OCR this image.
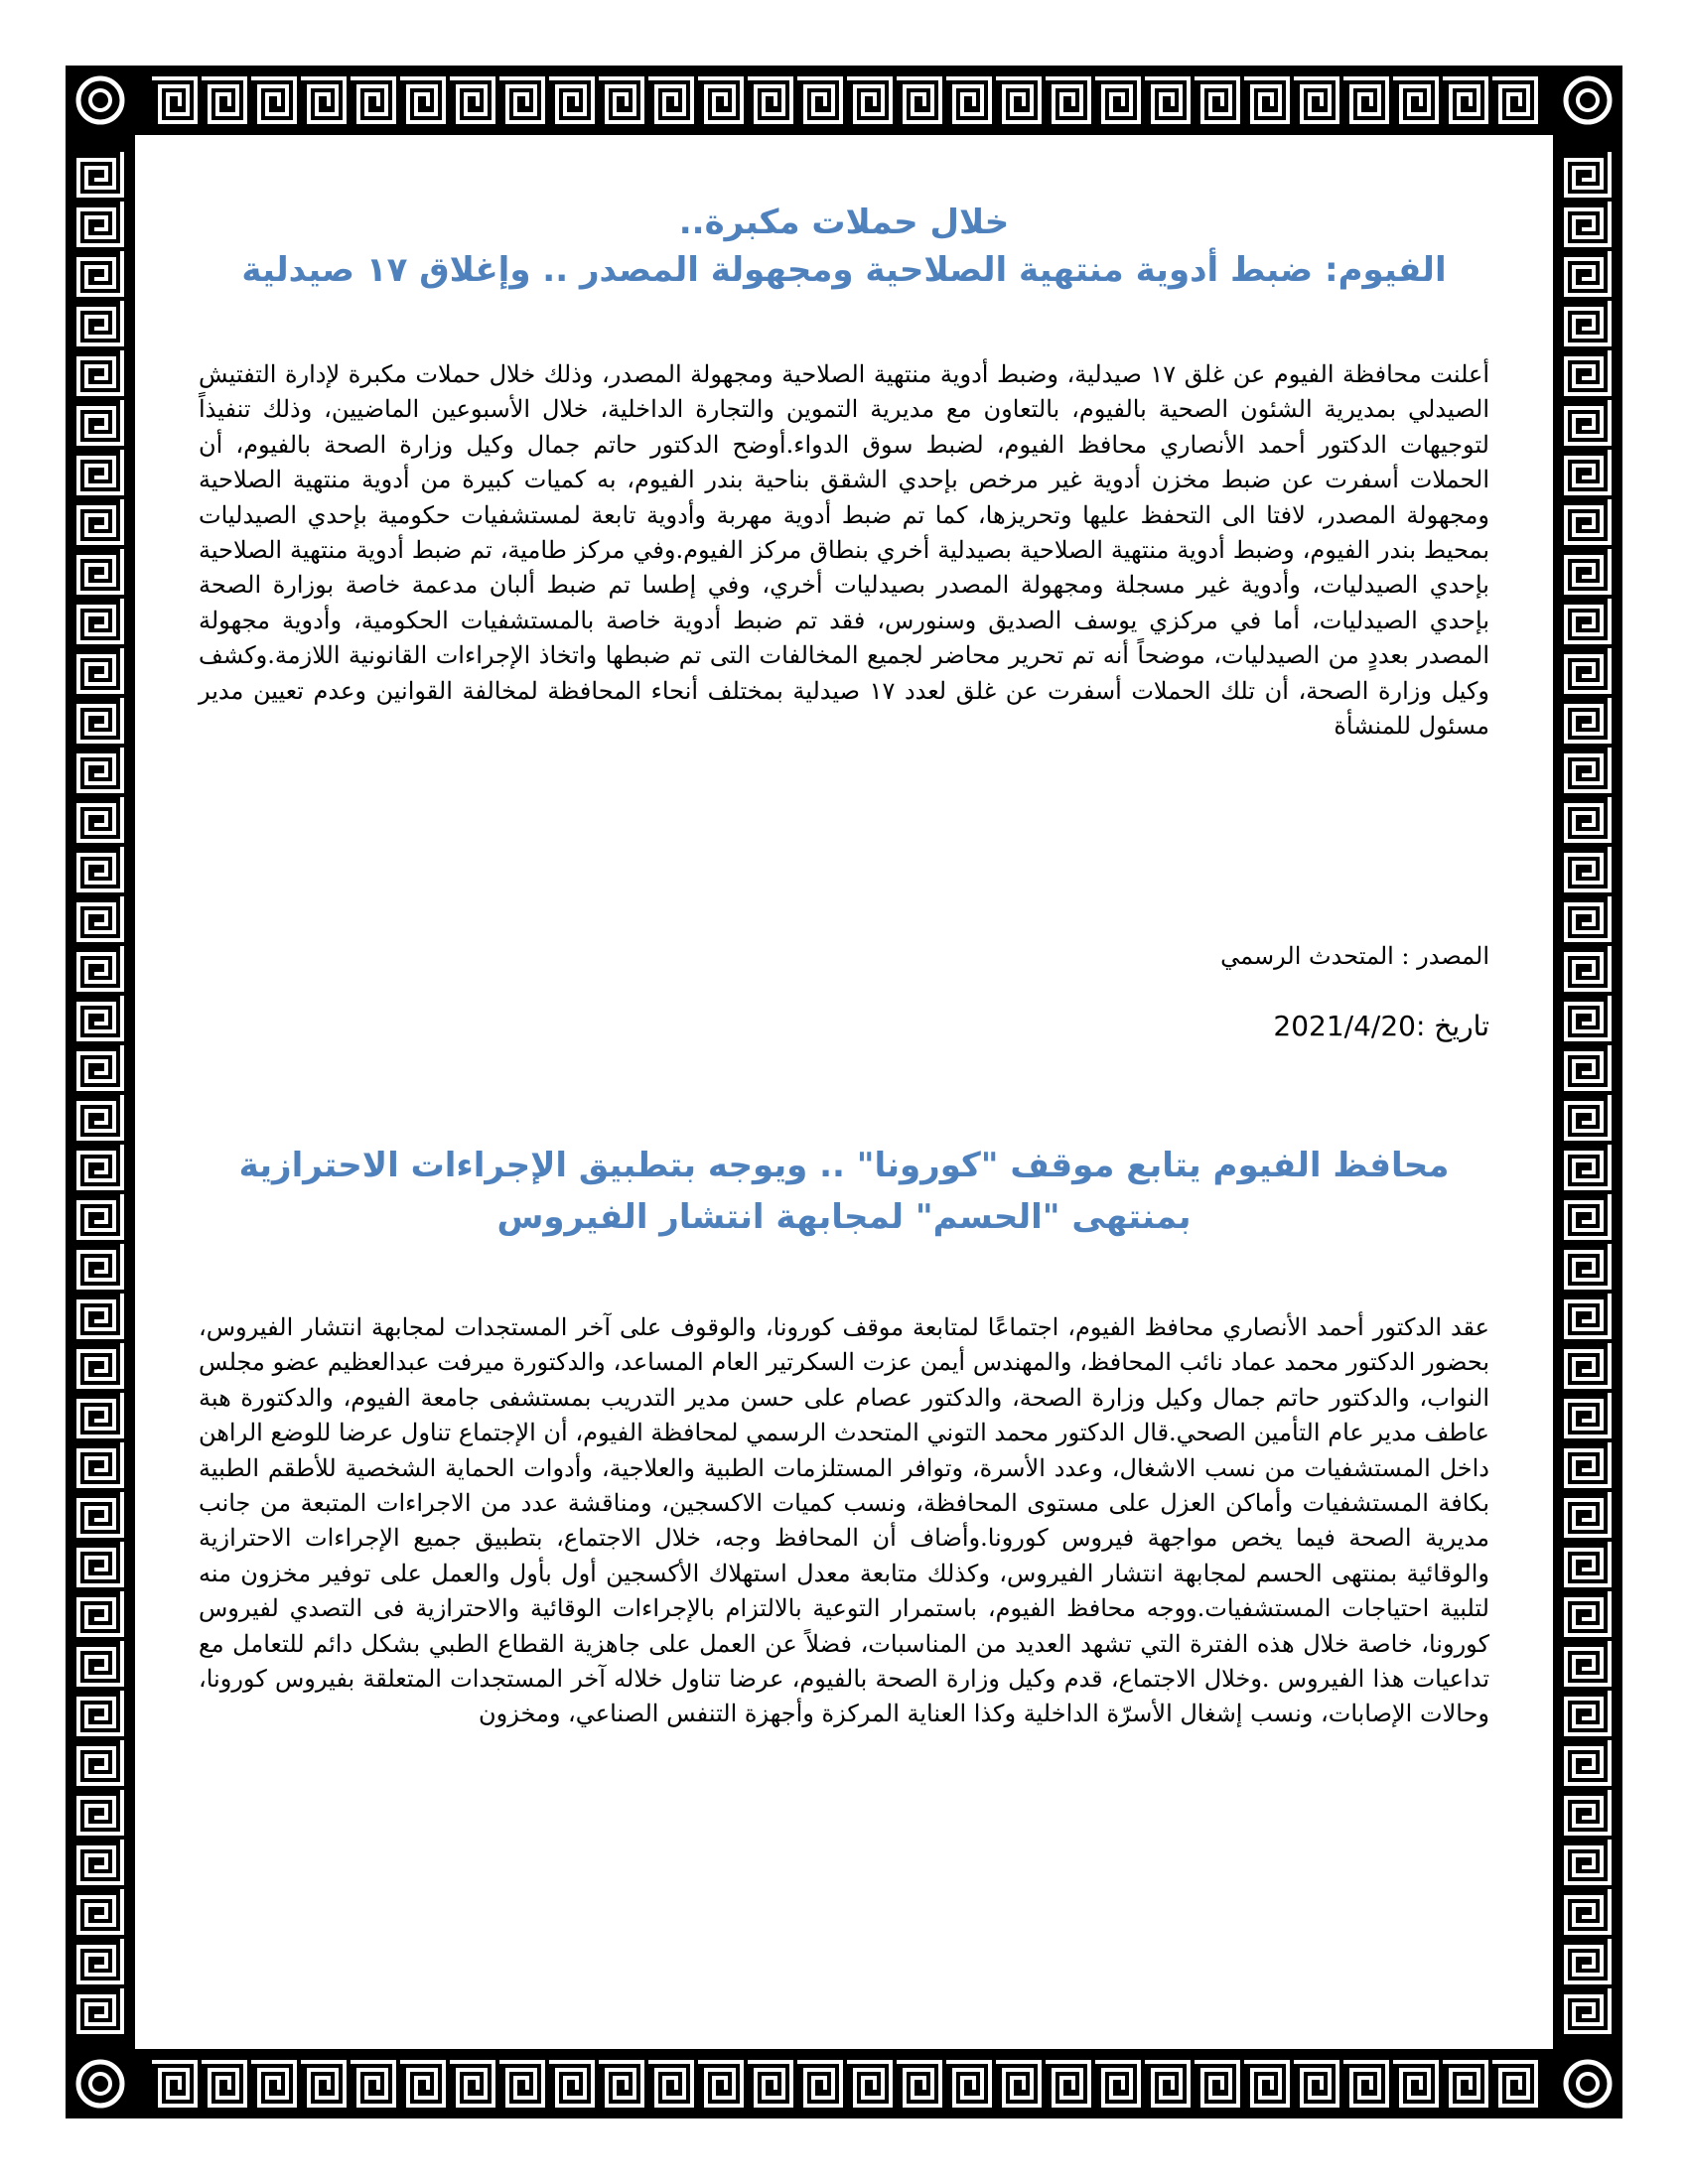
خلال حملات مكبرة..
الفيوم: ضبط أدوية منتهية الصلاحية ومجهولة المصدر .. وإغلاق ١٧ صيدلية
أعلنت محافظة الفيوم عن غلق ١٧ صيدلية، وضبط أدوية منتهية الصلاحية ومجهولة المصدر، وذلك خلال حملات مكبرة لإدارة التفتيش الصيدلي بمديرية الشئون الصحية بالفيوم، بالتعاون مع مديرية التموين والتجارة الداخلية، خلال الأسبوعين الماضيين، وذلك تنفيذاً لتوجيهات الدكتور أحمد الأنصاري محافظ الفيوم، لضبط سوق الدواء.أوضح الدكتور حاتم جمال وكيل وزارة الصحة بالفيوم، أن الحملات أسفرت عن ضبط مخزن أدوية غير مرخص بإحدي الشقق بناحية بندر الفيوم، به كميات كبيرة من أدوية منتهية الصلاحية ومجهولة المصدر، لافتا الى التحفظ عليها وتحريزها، كما تم ضبط أدوية مهربة وأدوية تابعة لمستشفيات حكومية بإحدي الصيدليات بمحيط بندر الفيوم، وضبط أدوية منتهية الصلاحية بصيدلية أخري بنطاق مركز الفيوم.وفي مركز طامية، تم ضبط أدوية منتهية الصلاحية بإحدي الصيدليات، وأدوية غير مسجلة ومجهولة المصدر بصيدليات أخري، وفي إطسا تم ضبط ألبان مدعمة خاصة بوزارة الصحة بإحدي الصيدليات، أما في مركزي يوسف الصديق وسنورس، فقد تم ضبط أدوية خاصة بالمستشفيات الحكومية، وأدوية مجهولة المصدر بعددٍ من الصيدليات، موضحاً أنه تم تحرير محاضر لجميع المخالفات التى تم ضبطها واتخاذ الإجراءات القانونية اللازمة.وكشف وكيل وزارة الصحة، أن تلك الحملات أسفرت عن غلق لعدد ١٧ صيدلية بمختلف أنحاء المحافظة لمخالفة القوانين وعدم تعيين مدير مسئول للمنشأة
المصدر : المتحدث الرسمي
تاريخ :2021/4/20
محافظ الفيوم يتابع موقف "كورونا" .. ويوجه بتطبيق الإجراءات الاحترازية
بمنتهى "الحسم" لمجابهة انتشار الفيروس
عقد الدكتور أحمد الأنصاري محافظ الفيوم، اجتماعًا لمتابعة موقف كورونا، والوقوف على آخر المستجدات لمجابهة انتشار الفيروس، بحضور الدكتور محمد عماد نائب المحافظ، والمهندس أيمن عزت السكرتير العام المساعد، والدكتورة ميرفت عبدالعظيم عضو مجلس النواب، والدكتور حاتم جمال وكيل وزارة الصحة، والدكتور عصام على حسن مدير التدريب بمستشفى جامعة الفيوم، والدكتورة هبة عاطف مدير عام التأمين الصحي.قال الدكتور محمد التوني المتحدث الرسمي لمحافظة الفيوم، أن الإجتماع تناول عرضا للوضع الراهن داخل المستشفيات من نسب الاشغال، وعدد الأسرة، وتوافر المستلزمات الطبية والعلاجية، وأدوات الحماية الشخصية للأطقم الطبية بكافة المستشفيات وأماكن العزل على مستوى المحافظة، ونسب كميات الاكسجين، ومناقشة عدد من الاجراءات المتبعة من جانب مديرية الصحة فيما يخص مواجهة فيروس كورونا.وأضاف أن المحافظ وجه، خلال الاجتماع، بتطبيق جميع الإجراءات الاحترازية والوقائية بمنتهى الحسم لمجابهة انتشار الفيروس، وكذلك متابعة معدل استهلاك الأكسجين أول بأول والعمل على توفير مخزون منه لتلبية احتياجات المستشفيات.ووجه محافظ الفيوم، باستمرار التوعية بالالتزام بالإجراءات الوقائية والاحترازية فى التصدي لفيروس كورونا، خاصة خلال هذه الفترة التي تشهد العديد من المناسبات، فضلاً عن العمل على جاهزية القطاع الطبي بشكل دائم للتعامل مع تداعيات هذا الفيروس .وخلال الاجتماع، قدم وكيل وزارة الصحة بالفيوم، عرضا تناول خلاله آخر المستجدات المتعلقة بفيروس كورونا، وحالات الإصابات، ونسب إشغال الأسرّة الداخلية وكذا العناية المركزة وأجهزة التنفس الصناعي، ومخزون
